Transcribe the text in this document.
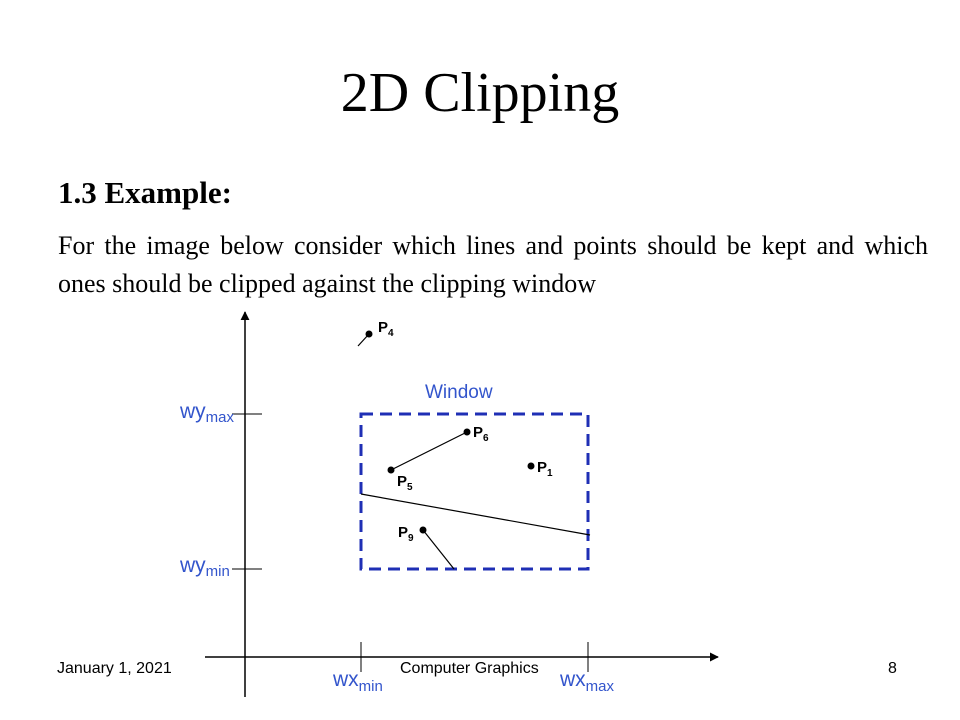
2D Clipping
1.3 Example:
For the image below consider which lines and points should be kept and which ones should be clipped against the clipping window
wymax
wymin
$wx_{min}$	$wx_{max}$
Window
$P_4$
$P_6$
$P_1$
$P_5$
$P_9$
January 1, 2021	Computer Graphics	8
